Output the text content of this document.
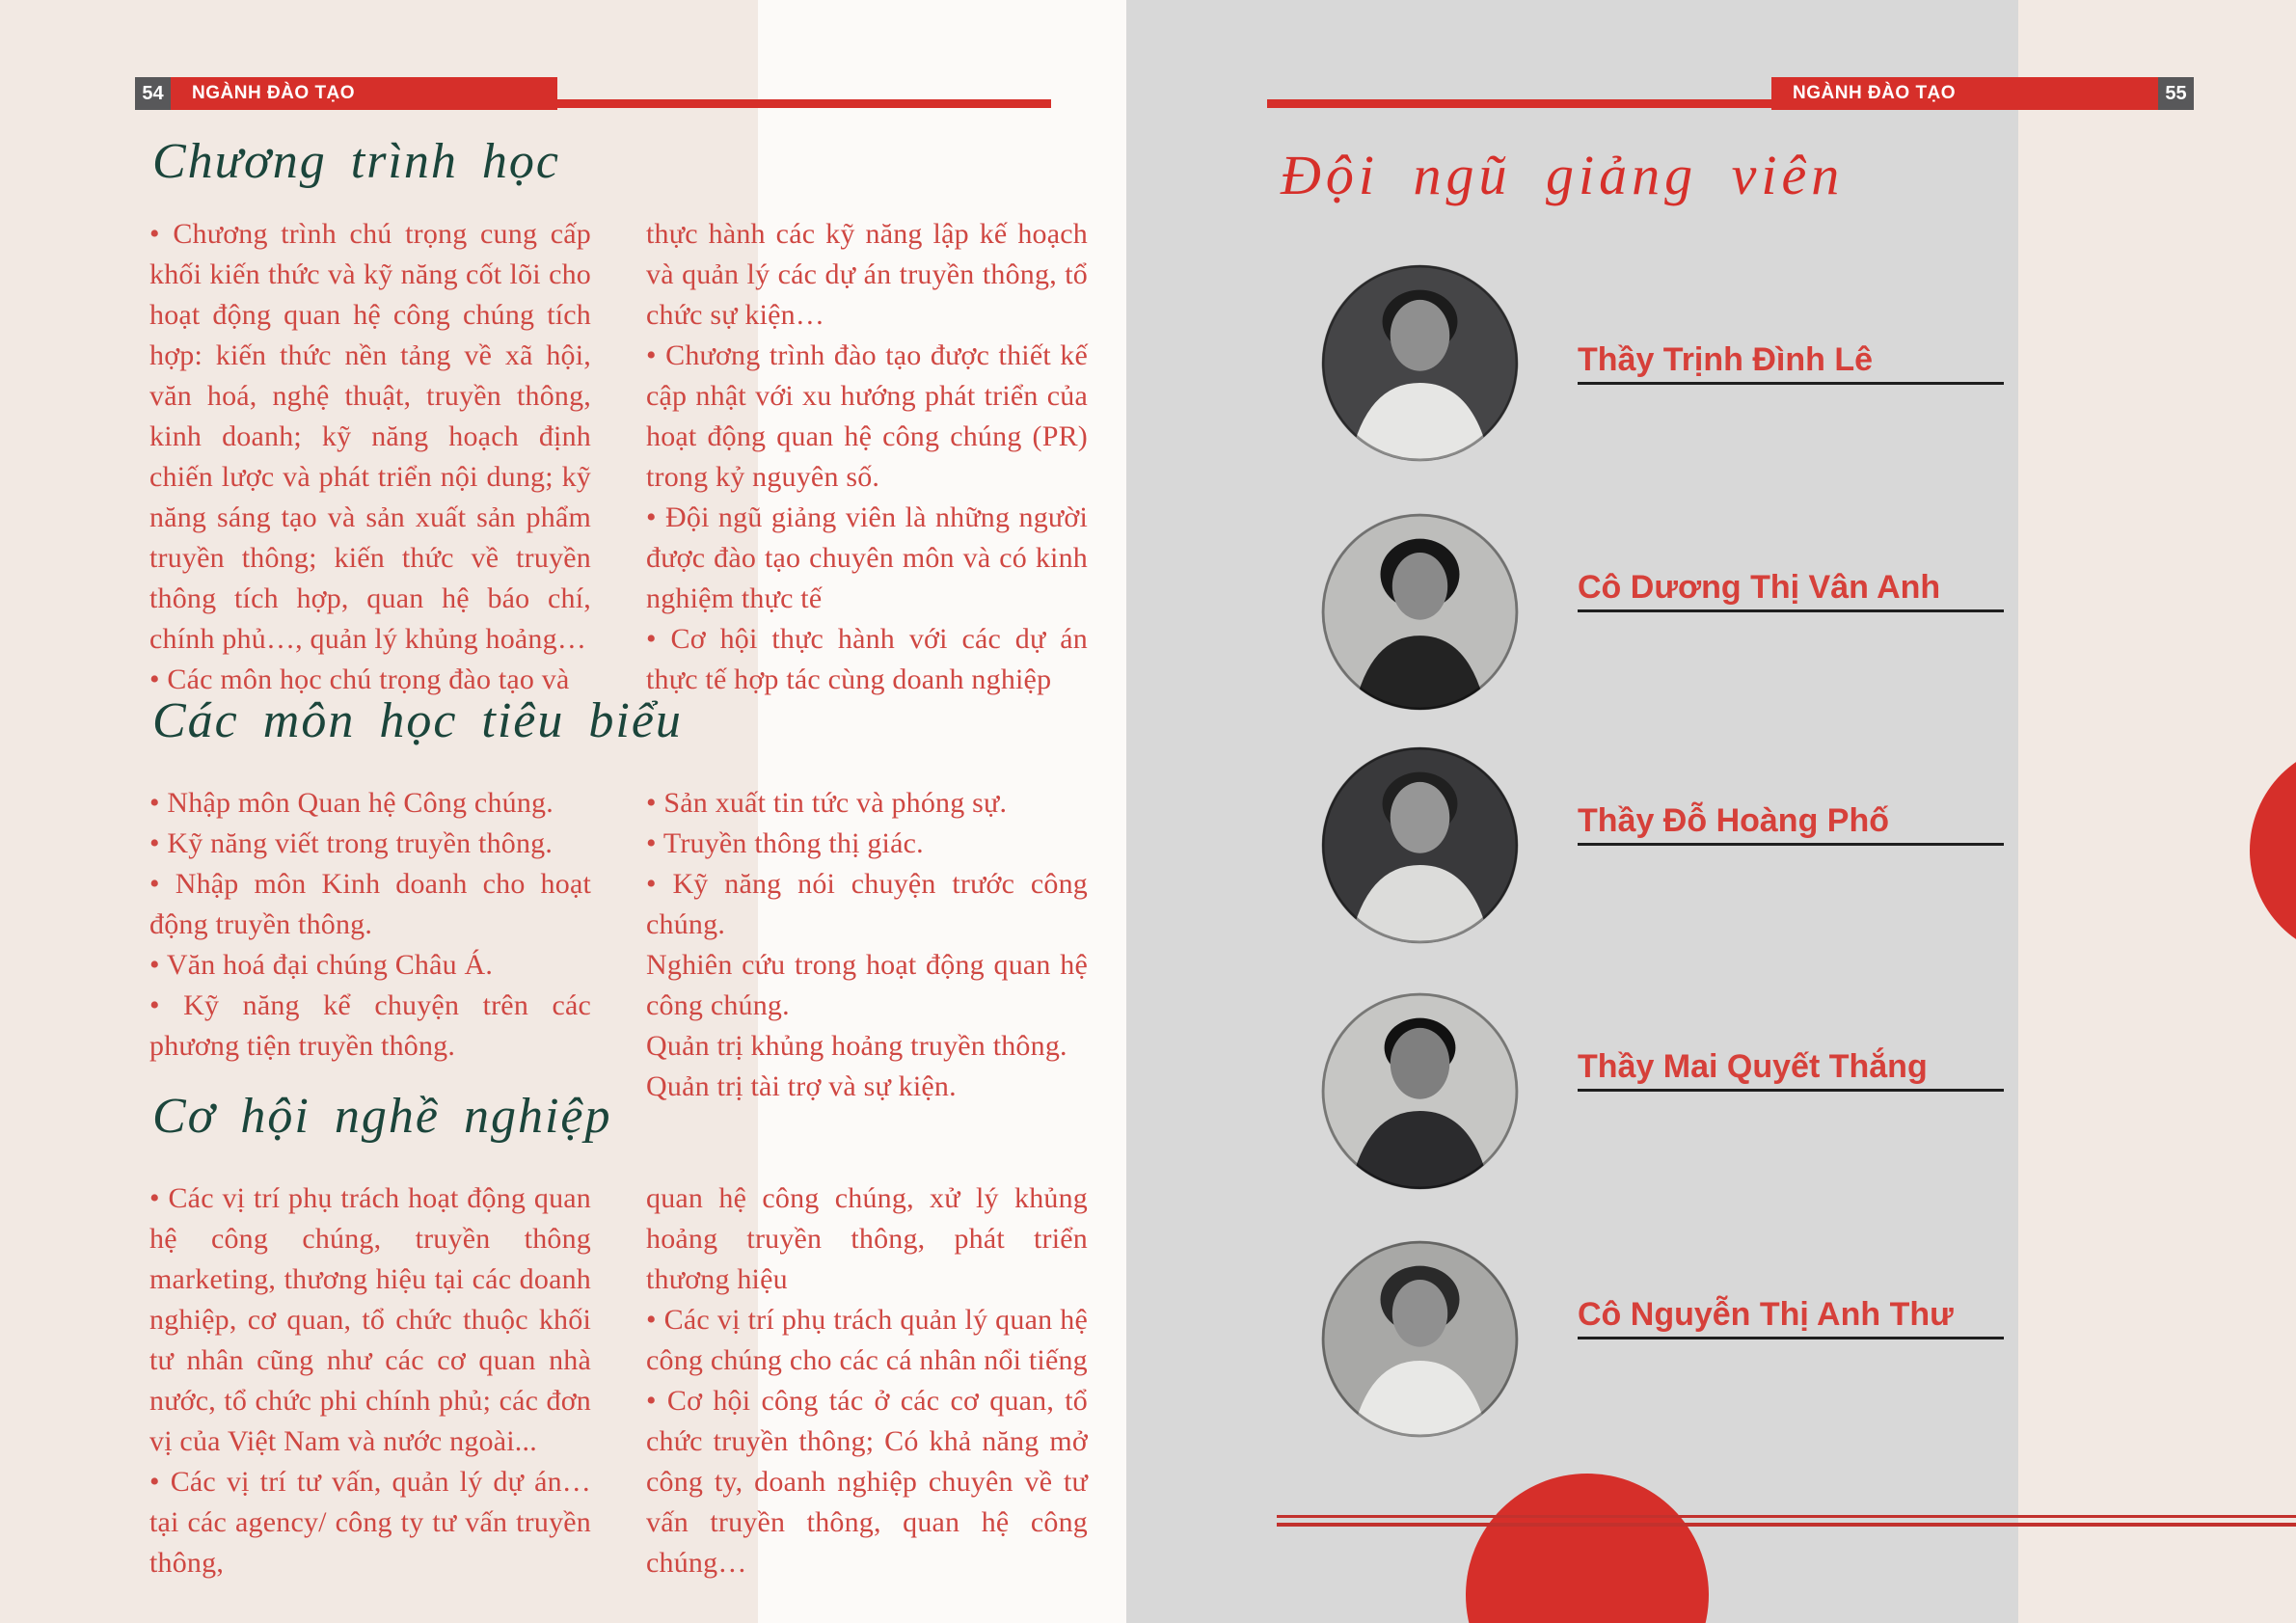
54	NGÀNH ĐÀO TẠO	NGÀNH ĐÀO TẠO	55
Chương trình học

• Chương trình chú trọng cung cấp khối kiến thức và kỹ năng cốt lõi cho hoạt động quan hệ công chúng tích hợp: kiến thức nền tảng về xã hội, văn hoá, nghệ thuật, truyền thông, kinh doanh; kỹ năng hoạch định chiến lược và phát triển nội dung; kỹ năng sáng tạo và sản xuất sản phẩm truyền thông; kiến thức về truyền thông tích hợp, quan hệ báo chí, chính phủ…, quản lý khủng hoảng…

• Các môn học chú trọng đào tạo và

thực hành các kỹ năng lập kế hoạch và quản lý các dự án truyền thông, tổ chức sự kiện…

• Chương trình đào tạo được thiết kế cập nhật với xu hướng phát triển của hoạt động quan hệ công chúng (PR) trong kỷ nguyên số.

• Đội ngũ giảng viên là những người được đào tạo chuyên môn và có kinh nghiệm thực tế

• Cơ hội thực hành với các dự án thực tế hợp tác cùng doanh nghiệp

Các môn học tiêu biểu

• Nhập môn Quan hệ Công chúng.

• Kỹ năng viết trong truyền thông.

• Nhập môn Kinh doanh cho hoạt động truyền thông.

• Văn hoá đại chúng Châu Á.

• Kỹ năng kể chuyện trên các phương tiện truyền thông.

• Sản xuất tin tức và phóng sự.

• Truyền thông thị giác.

• Kỹ năng nói chuyện trước công chúng.

Nghiên cứu trong hoạt động quan hệ công chúng.

Quản trị khủng hoảng truyền thông.

Quản trị tài trợ và sự kiện.

Cơ hội nghề nghiệp

• Các vị trí phụ trách hoạt động quan hệ công chúng, truyền thông marketing, thương hiệu tại các doanh nghiệp, cơ quan, tổ chức thuộc khối tư nhân cũng như các cơ quan nhà nước, tổ chức phi chính phủ; các đơn vị của Việt Nam và nước ngoài...

• Các vị trí tư vấn, quản lý dự án… tại các agency/ công ty tư vấn truyền thông,

quan hệ công chúng, xử lý khủng hoảng truyền thông, phát triển thương hiệu

• Các vị trí phụ trách quản lý quan hệ công chúng cho các cá nhân nổi tiếng

• Cơ hội công tác ở các cơ quan, tổ chức truyền thông; Có khả năng mở công ty, doanh nghiệp chuyên về tư vấn truyền thông, quan hệ công chúng…

Đội ngũ giảng viên
Thầy Trịnh Đình Lê
Cô Dương Thị Vân Anh
Thầy Đỗ Hoàng Phố
Thầy Mai Quyết Thắng
Cô Nguyễn Thị Anh Thư
